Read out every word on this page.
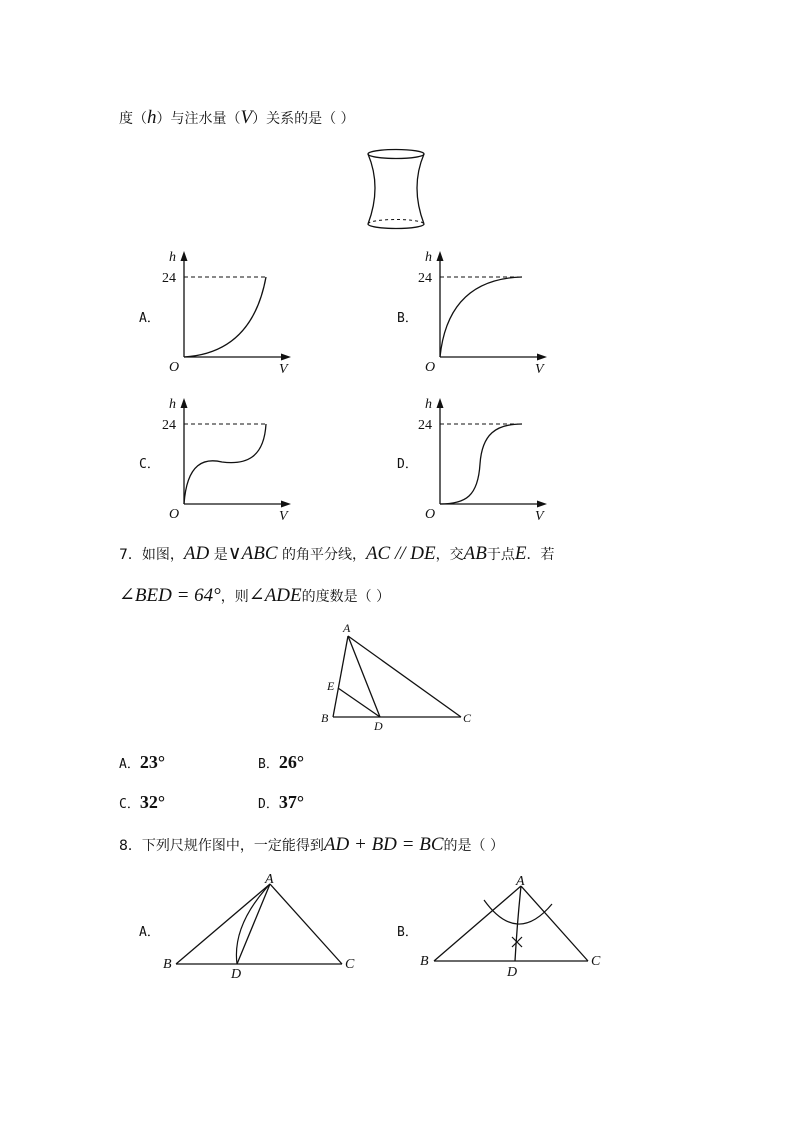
度（h）与注水量（V）关系的是（ ）
A．	B．
C．	D．
h
24
O	V
h
24
O	V
h
24
O	V
h
24
O	V
7．如图，AD 是∨ABC 的角平分线，AC // DE，交AB于点E．若
∠BED = 64°，则∠ADE的度数是（ ）
A
E
B
D
C
A．23°	B．26°
C．32°	D．37°
8．下列尺规作图中，一定能得到AD + BD = BC的是（ ）
A．	B．
A
B
D
C
A
B
D
C
